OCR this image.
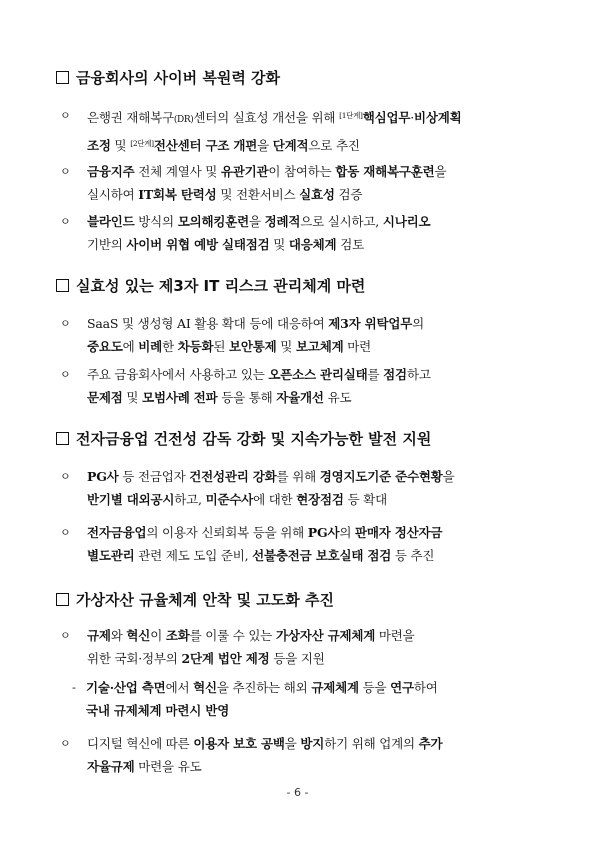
금융회사의 사이버 복원력 강화
ㅇ	은행권 재해복구(DR)센터의 실효성 개선을 위해 [1단계]핵심업무·비상계획
조정 및 [2단계]전산센터 구조 개편을 단계적으로 추진
ㅇ	금융지주 전체 계열사 및 유관기관이 참여하는 합동 재해복구훈련을
실시하여 IT회복 탄력성 및 전환서비스 실효성 검증
ㅇ	블라인드 방식의 모의해킹훈련을 정례적으로 실시하고, 시나리오
기반의 사이버 위협 예방 실태점검 및 대응체계 검토
실효성 있는 제3자 IT 리스크 관리체계 마련
ㅇ	SaaS 및 생성형 AI 활용 확대 등에 대응하여 제3자 위탁업무의
중요도에 비례한 차등화된 보안통제 및 보고체계 마련
ㅇ	주요 금융회사에서 사용하고 있는 오픈소스 관리실태를 점검하고
문제점 및 모범사례 전파 등을 통해 자율개선 유도
전자금융업 건전성 감독 강화 및 지속가능한 발전 지원
ㅇ	PG사 등 전금업자 건전성관리 강화를 위해 경영지도기준 준수현황을
반기별 대외공시하고, 미준수사에 대한 현장점검 등 확대
ㅇ	전자금융업의 이용자 신뢰회복 등을 위해 PG사의 판매자 정산자금
별도관리 관련 제도 도입 준비, 선불충전금 보호실태 점검 등 추진
가상자산 규율체계 안착 및 고도화 추진
ㅇ	규제와 혁신이 조화를 이룰 수 있는 가상자산 규제체계 마련을
위한 국회·정부의 2단계 법안 제정 등을 지원
- 기술·산업 측면에서 혁신을 추진하는 해외 규제체계 등을 연구하여
국내 규제체계 마련시 반영
ㅇ	디지털 혁신에 따른 이용자 보호 공백을 방지하기 위해 업계의 추가
자율규제 마련을 유도
- 6 -
